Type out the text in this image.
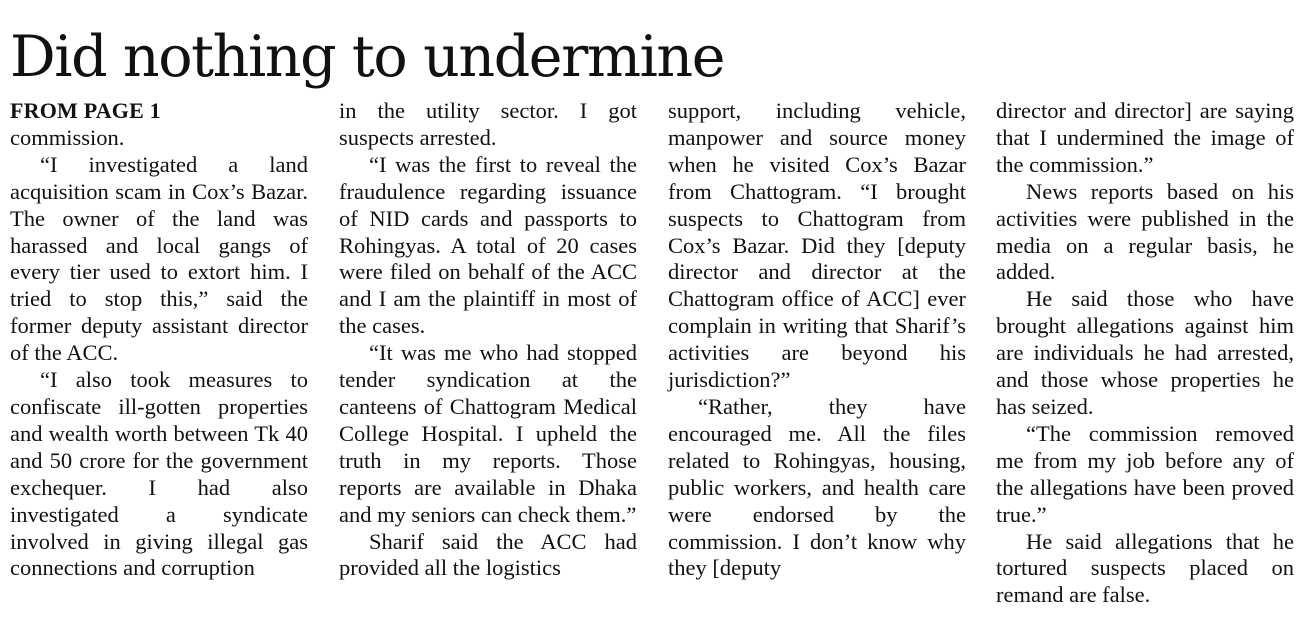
Did nothing to undermine
FROM PAGE 1

commission.

“I investigated a land acquisition scam in Cox’s Bazar. The owner of the land was harassed and local gangs of every tier used to extort him. I tried to stop this,” said the former deputy assistant director of the ACC.

“I also took measures to confiscate ill-gotten properties and wealth worth between Tk 40 and 50 crore for the government exchequer. I had also investigated a syndicate involved in giving illegal gas connections and corruption

in the utility sector. I got suspects arrested.

“I was the first to reveal the fraudulence regarding issuance of NID cards and passports to Rohingyas. A total of 20 cases were filed on behalf of the ACC and I am the plaintiff in most of the cases.

“It was me who had stopped tender syndication at the canteens of Chattogram Medical College Hospital. I upheld the truth in my reports. Those reports are available in Dhaka and my seniors can check them.”

Sharif said the ACC had provided all the logistics

support, including vehicle, manpower and source money when he visited Cox’s Bazar from Chattogram. “I brought suspects to Chattogram from Cox’s Bazar. Did they [deputy director and director at the Chattogram office of ACC] ever complain in writing that Sharif’s activities are beyond his jurisdiction?”

“Rather, they have encouraged me. All the files related to Rohingyas, housing, public workers, and health care were endorsed by the commission. I don’t know why they [deputy

director and director] are saying that I undermined the image of the commission.”

News reports based on his activities were published in the media on a regular basis, he added.

He said those who have brought allegations against him are individuals he had arrested, and those whose properties he has seized.

“The commission removed me from my job before any of the allegations have been proved true.”

He said allegations that he tortured suspects placed on remand are false.
